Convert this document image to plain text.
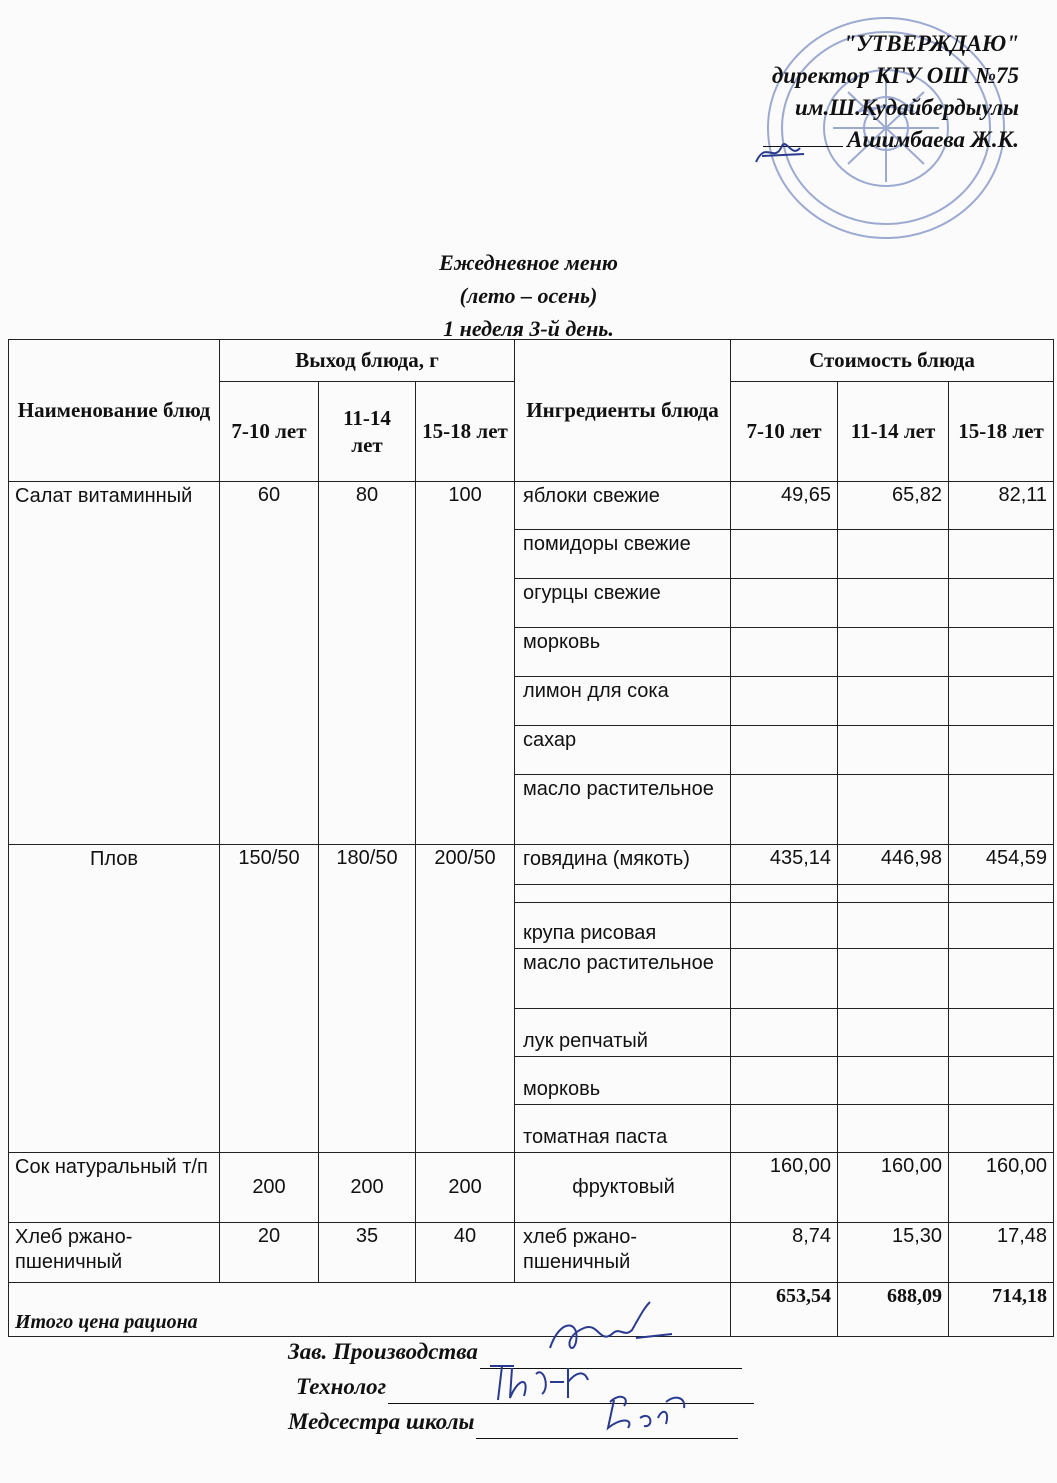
"УТВЕРЖДАЮ"
директор КГУ ОШ №75
им.Ш.Кудайбердыулы
Ашимбаева Ж.К.
Ежедневное меню
(лето – осень)
1 неделя 3-й день.
Наименование блюд	Выход блюда, г			Ингредиенты блюда	Стоимость блюда		
	7-10 лет	11-14 лет	15-18 лет		7-10 лет	11-14 лет	15-18 лет
Салат витаминный	60	80	100	яблоки свежие	49,65	65,82	82,11
				помидоры свежие			
				огурцы свежие			
				морковь			
				лимон для сока			
				сахар			
				масло растительное			
Плов	150/50	180/50	200/50	говядина (мякоть)	435,14	446,98	454,59

				крупа рисовая			
				масло растительное			
				лук репчатый			
				морковь			
				томатная паста			
Сок натуральный т/п	200	200	200	фруктовый	160,00	160,00	160,00
Хлеб ржано-пшеничный	20	35	40	хлеб ржано-пшеничный	8,74	15,30	17,48
Итого цена рациона					653,54	688,09	714,18
Зав. Производства
Технолог
Медсестра школы
